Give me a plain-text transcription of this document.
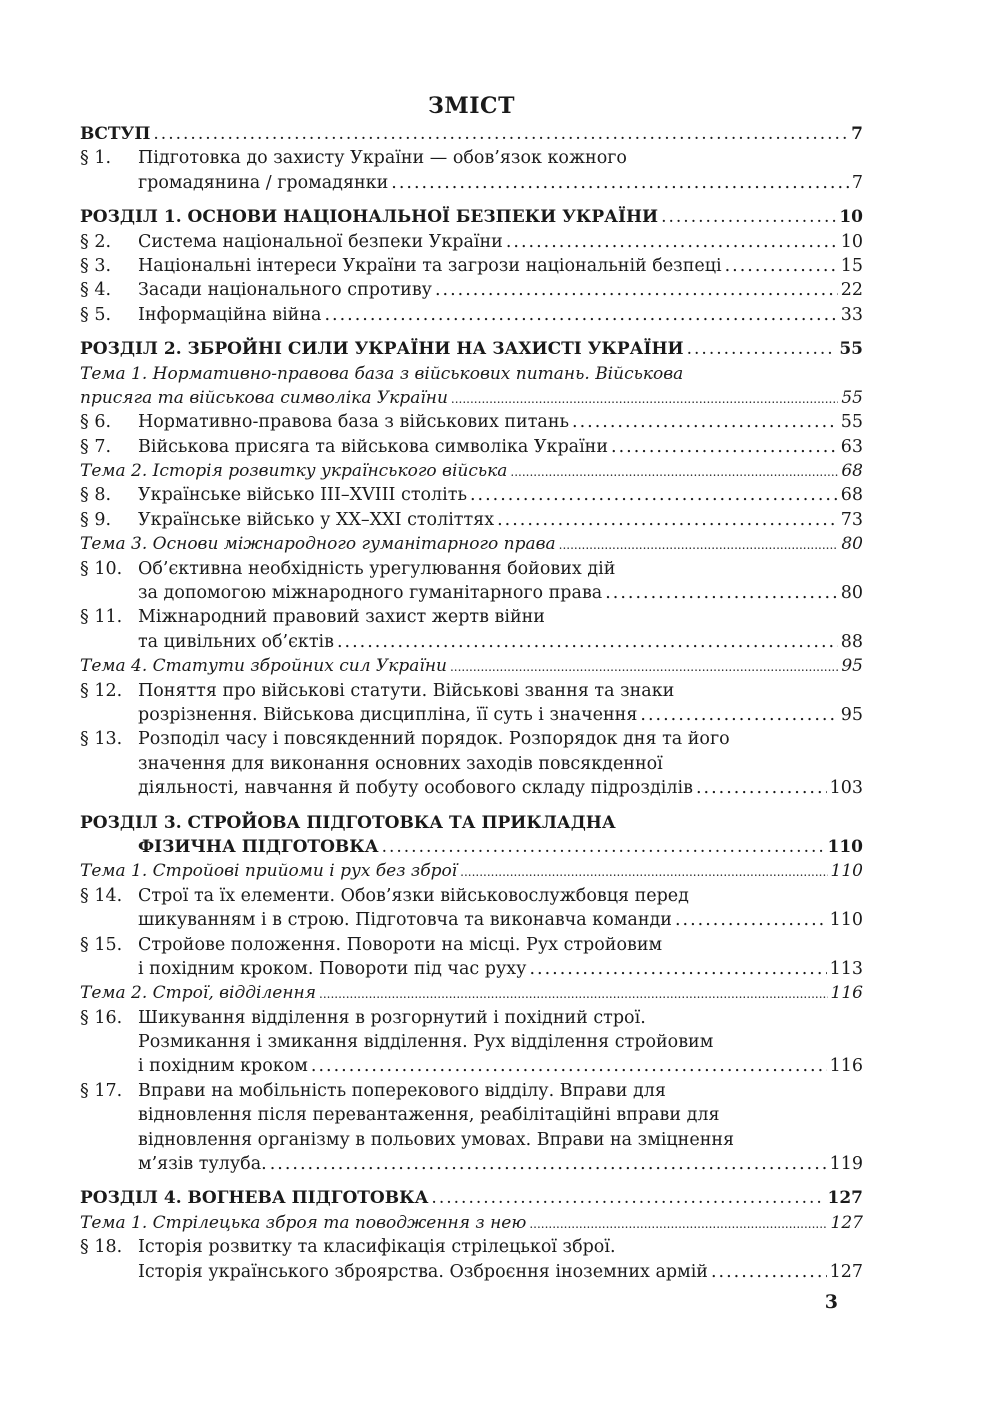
ЗМІСТ
ВСТУП .....	7
§ 1.	Підготовка до захисту України — обов’язок кожного
громадянина / громадянки .....	7
РОЗДІЛ 1. ОСНОВИ НАЦІОНАЛЬНОЇ БЕЗПЕКИ УКРАЇНИ .....	10
§ 2.	Система національної безпеки України .....	10
§ 3.	Національні інтереси України та загрози національній безпеці .....	15
§ 4.	Засади національного спротиву .....	22
§ 5.	Інформаційна війна .....	33
РОЗДІЛ 2. ЗБРОЙНІ СИЛИ УКРАЇНИ НА ЗАХИСТІ УКРАЇНИ .....	55
Тема 1. Нормативно-правова база з військових питань. Військова
присяга та військова символіка України .....	55
§ 6.	Нормативно-правова база з військових питань .....	55
§ 7.	Військова присяга та військова символіка України .....	63
Тема 2. Історія розвитку українського війська .....	68
§ 8.	Українське військо ІІІ–XVIII століть .....	68
§ 9.	Українське військо у XX–XXI століттях .....	73
Тема 3. Основи міжнародного гуманітарного права .....	80
§ 10. Об’єктивна необхідність урегулювання бойових дій
за допомогою міжнародного гуманітарного права .....	80
§ 11. Міжнародний правовий захист жертв війни
та цивільних об’єктів .....	88
Тема 4. Статути збройних сил України .....	95
§ 12. Поняття про військові статути. Військові звання та знаки
розрізнення. Військова дисципліна, її суть і значення .....	95
§ 13. Розподіл часу і повсякденний порядок. Розпорядок дня та його
значення для виконання основних заходів повсякденної
діяльності, навчання й побуту особового складу підрозділів .....	103
РОЗДІЛ 3. СТРОЙОВА ПІДГОТОВКА ТА ПРИКЛАДНА
ФІЗИЧНА ПІДГОТОВКА .....	110
Тема 1. Стройові прийоми і рух без зброї .....	110
§ 14. Строї та їх елементи. Обов’язки військовослужбовця перед
шикуванням і в строю. Підготовча та виконавча команди .....	110
§ 15. Стройове положення. Повороти на місці. Рух стройовим
і похідним кроком. Повороти під час руху .....	113
Тема 2. Строї, відділення .....	116
§ 16. Шикування відділення в розгорнутий і похідний строї.
Розмикання і змикання відділення. Рух відділення стройовим
і похідним кроком .....	116
§ 17. Вправи на мобільність поперекового відділу. Вправи для
відновлення після перевантаження, реабілітаційні вправи для
відновлення організму в польових умовах. Вправи на зміцнення
м’язів тулуба. .....	119
РОЗДІЛ 4. ВОГНЕВА ПІДГОТОВКА .....	127
Тема 1. Стрілецька зброя та поводження з нею .....	127
§ 18. Історія розвитку та класифікація стрілецької зброї.
Історія українського зброярства. Озброєння іноземних армій .....	127
3
